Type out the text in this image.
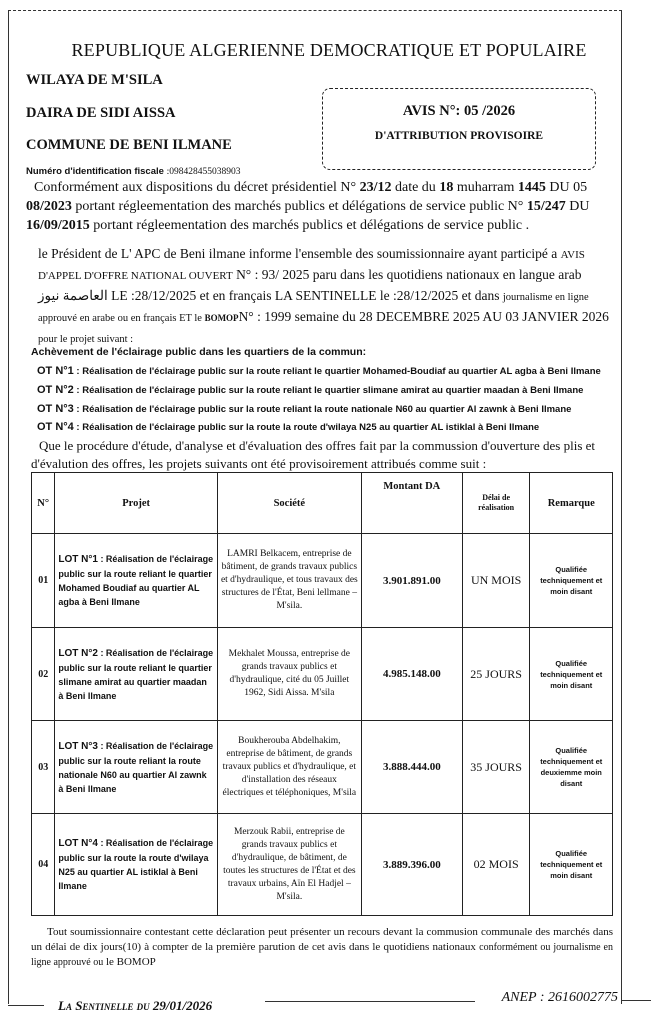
REPUBLIQUE ALGERIENNE DEMOCRATIQUE ET POPULAIRE
WILAYA DE M'SILA
DAIRA DE SIDI AISSA
COMMUNE DE BENI ILMANE
AVIS N°: 05 /2026
D'ATTRIBUTION PROVISOIRE
Numéro d'identification fiscale :098428455038903
Conformément aux dispositions du décret présidentiel N° 23/12 date du 18 muharram 1445 DU 05
08/2023 portant régleementation des marchés publics et délégations de service public N° 15/247 DU
16/09/2015 portant régleementation des marchés publics et délégations de service public .
le Président de L' APC de Beni ilmane informe l'ensemble des soumissionnaire ayant participé a AVIS D'APPEL D'OFFRE NATIONAL OUVERT N° : 93/ 2025 paru dans les quotidiens nationaux en langue arab
العاصمة نيوز LE :28/12/2025 et en français LA SENTINELLE le :28/12/2025 et dans journalisme en ligne approuvé en arabe ou en français ET le BOMOPN° : 1999 semaine du 28 DECEMBRE 2025 AU 03 JANVIER 2026 pour le projet suivant :
Achèvement de l'éclairage public dans les quartiers de la commun:
OT N°1 : Réalisation de l'éclairage public sur la route reliant le quartier Mohamed-Boudiaf au quartier AL agba à Beni Ilmane
OT N°2 : Réalisation de l'éclairage public sur la route reliant le quartier slimane amirat au quartier maadan à Beni Ilmane
OT N°3 : Réalisation de l'éclairage public sur la route reliant la route nationale N60 au quartier Al zawnk à Beni Ilmane
OT N°4 : Réalisation de l'éclairage public sur la route la route d'wilaya N25 au quartier AL istiklal à Beni Ilmane
Que le procédure d'étude, d'analyse et d'évaluation des offres fait par la commussion d'ouverture des plis et d'évalution des offres, les projets suivants ont été provisoirement attribués comme suit :
N°	Projet	Société	Montant DA	Délai de réalisation	Remarque
01	LOT N°1 : Réalisation de l'éclairage public sur la route reliant le quartier Mohamed Boudiaf au quartier AL agba à Beni Ilmane	LAMRI Belkacem, entreprise de bâtiment, de grands travaux publics et d'hydraulique, et tous travaux des structures de l'État, Beni lellmane – M'sila.	3.901.891.00	UN MOIS	Qualifiée techniquement et moin disant
02	LOT N°2 : Réalisation de l'éclairage public sur la route reliant le quartier slimane amirat au quartier maadan à Beni Ilmane	Mekhalet Moussa, entreprise de grands travaux publics et d'hydraulique, cité du 05 Juillet 1962, Sidi Aissa. M'sila	4.985.148.00	25 JOURS	Qualifiée techniquement et moin disant
03	LOT N°3 : Réalisation de l'éclairage public sur la route reliant la route nationale N60 au quartier Al zawnk à Beni Ilmane	Boukherouba Abdelhakim, entreprise de bâtiment, de grands travaux publics et d'hydraulique, et d'installation des réseaux électriques et téléphoniques, M'sila	3.888.444.00	35 JOURS	Qualifiée techniquement et deuxiemme moin disant
04	LOT N°4 : Réalisation de l'éclairage public sur la route la route d'wilaya N25 au quartier AL istiklal à Beni Ilmane	Merzouk Rabii, entreprise de grands travaux publics et d'hydraulique, de bâtiment, de toutes les structures de l'État et des travaux urbains, Aïn El Hadjel – M'sila.	3.889.396.00	02 MOIS	Qualifiée techniquement et moin disant
Tout soumissionnaire contestant cette déclaration peut présenter un recours devant la commusion communale des marchés dans un délai de dix jours(10) à compter de la première parution de cet avis dans le quotidiens nationaux conformément ou journalisme en ligne approuvé ou le BOMOP
La Sentinelle du 29/01/2026
ANEP : 2616002775
